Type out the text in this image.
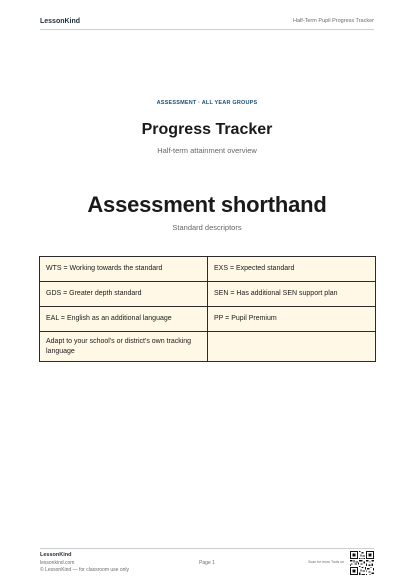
LessonKind	Half-Term Pupil Progress Tracker
ASSESSMENT · ALL YEAR GROUPS
Progress Tracker
Half-term attainment overview
Assessment shorthand
Standard descriptors
WTS = Working towards the standard	EXS = Expected standard
GDS = Greater depth standard	SEN = Has additional SEN support plan
EAL = English as an additional language	PP = Pupil Premium
Adapt to your school's or district's own tracking language	
LessonKind
lessonkind.com
© LessonKind — for classroom use only
Page 1	Scan for more Tools on
